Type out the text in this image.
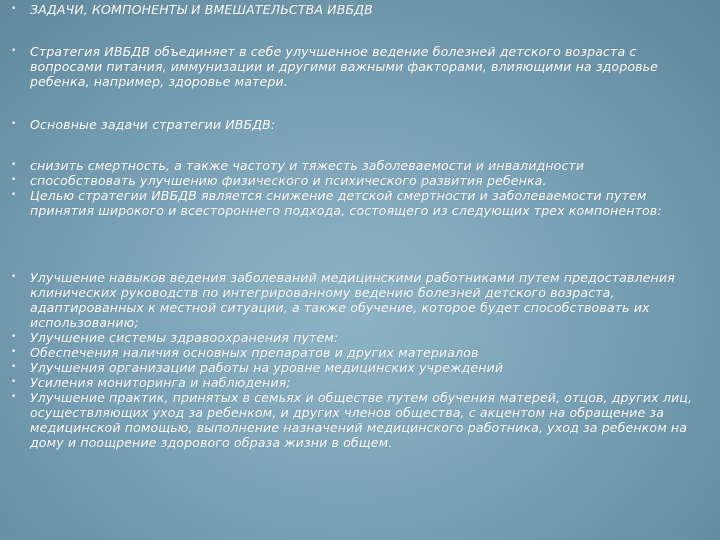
• ЗАДАЧИ, КОМПОНЕНТЫ И ВМЕШАТЕЛЬСТВА ИВБДВ
• Стратегия ИВБДВ объединяет в себе улучшенное ведение болезней детского возраста с вопросами питания, иммунизации и другими важными факторами, влияющими на здоровье ребенка, например, здоровье матери.
• Основные задачи стратегии ИВБДВ:
• снизить смертность, а также частоту и тяжесть заболеваемости и инвалидности
• способствовать улучшению физического и психического развития ребенка.
• Целью стратегии ИВБДВ является снижение детской смертности и заболеваемости путем принятия широкого и всестороннего подхода, состоящего из следующих трех компонентов:
• Улучшение навыков ведения заболеваний медицинскими работниками путем предоставления клинических руководств по интегрированному ведению болезней детского возраста, адаптированных к местной ситуации, а также обучение, которое будет способствовать их использованию;
• Улучшение системы здравоохранения путем:
• Обеспечения наличия основных препаратов и других материалов
• Улучшения организации работы на уровне медицинских учреждений
• Усиления мониторинга и наблюдения;
• Улучшение практик, принятых в семьях и обществе путем обучения матерей, отцов, других лиц, осуществляющих уход за ребенком, и других членов общества, с акцентом на обращение за медицинской помощью, выполнение назначений медицинского работника, уход за ребенком на дому и поощрение здорового образа жизни в общем.
